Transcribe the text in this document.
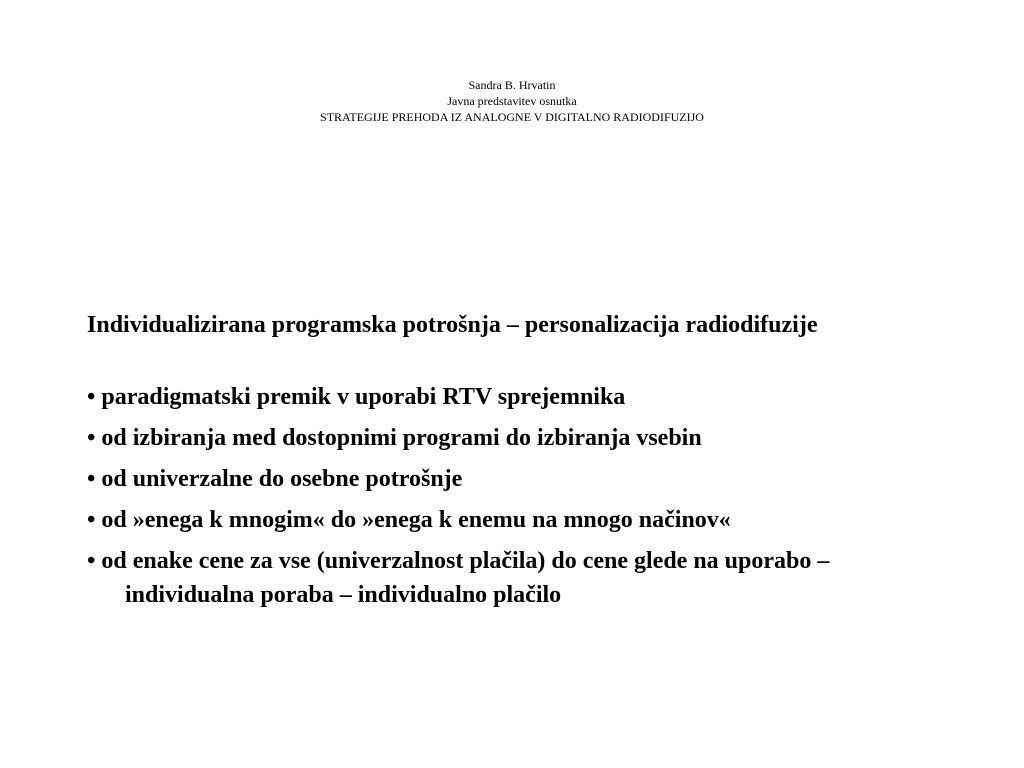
Sandra B. Hrvatin
Javna predstavitev osnutka
STRATEGIJE PREHODA IZ ANALOGNE V DIGITALNO RADIODIFUZIJO

Individualizirana programska potrošnja – personalizacija radiodifuzije

• paradigmatski premik v uporabi RTV sprejemnika

• od izbiranja med dostopnimi programi do izbiranja vsebin

• od univerzalne do osebne potrošnje

• od »enega k mnogim« do »enega k enemu na mnogo načinov«

• od enake cene za vse (univerzalnost plačila) do cene glede na uporabo – individualna poraba – individualno plačilo
